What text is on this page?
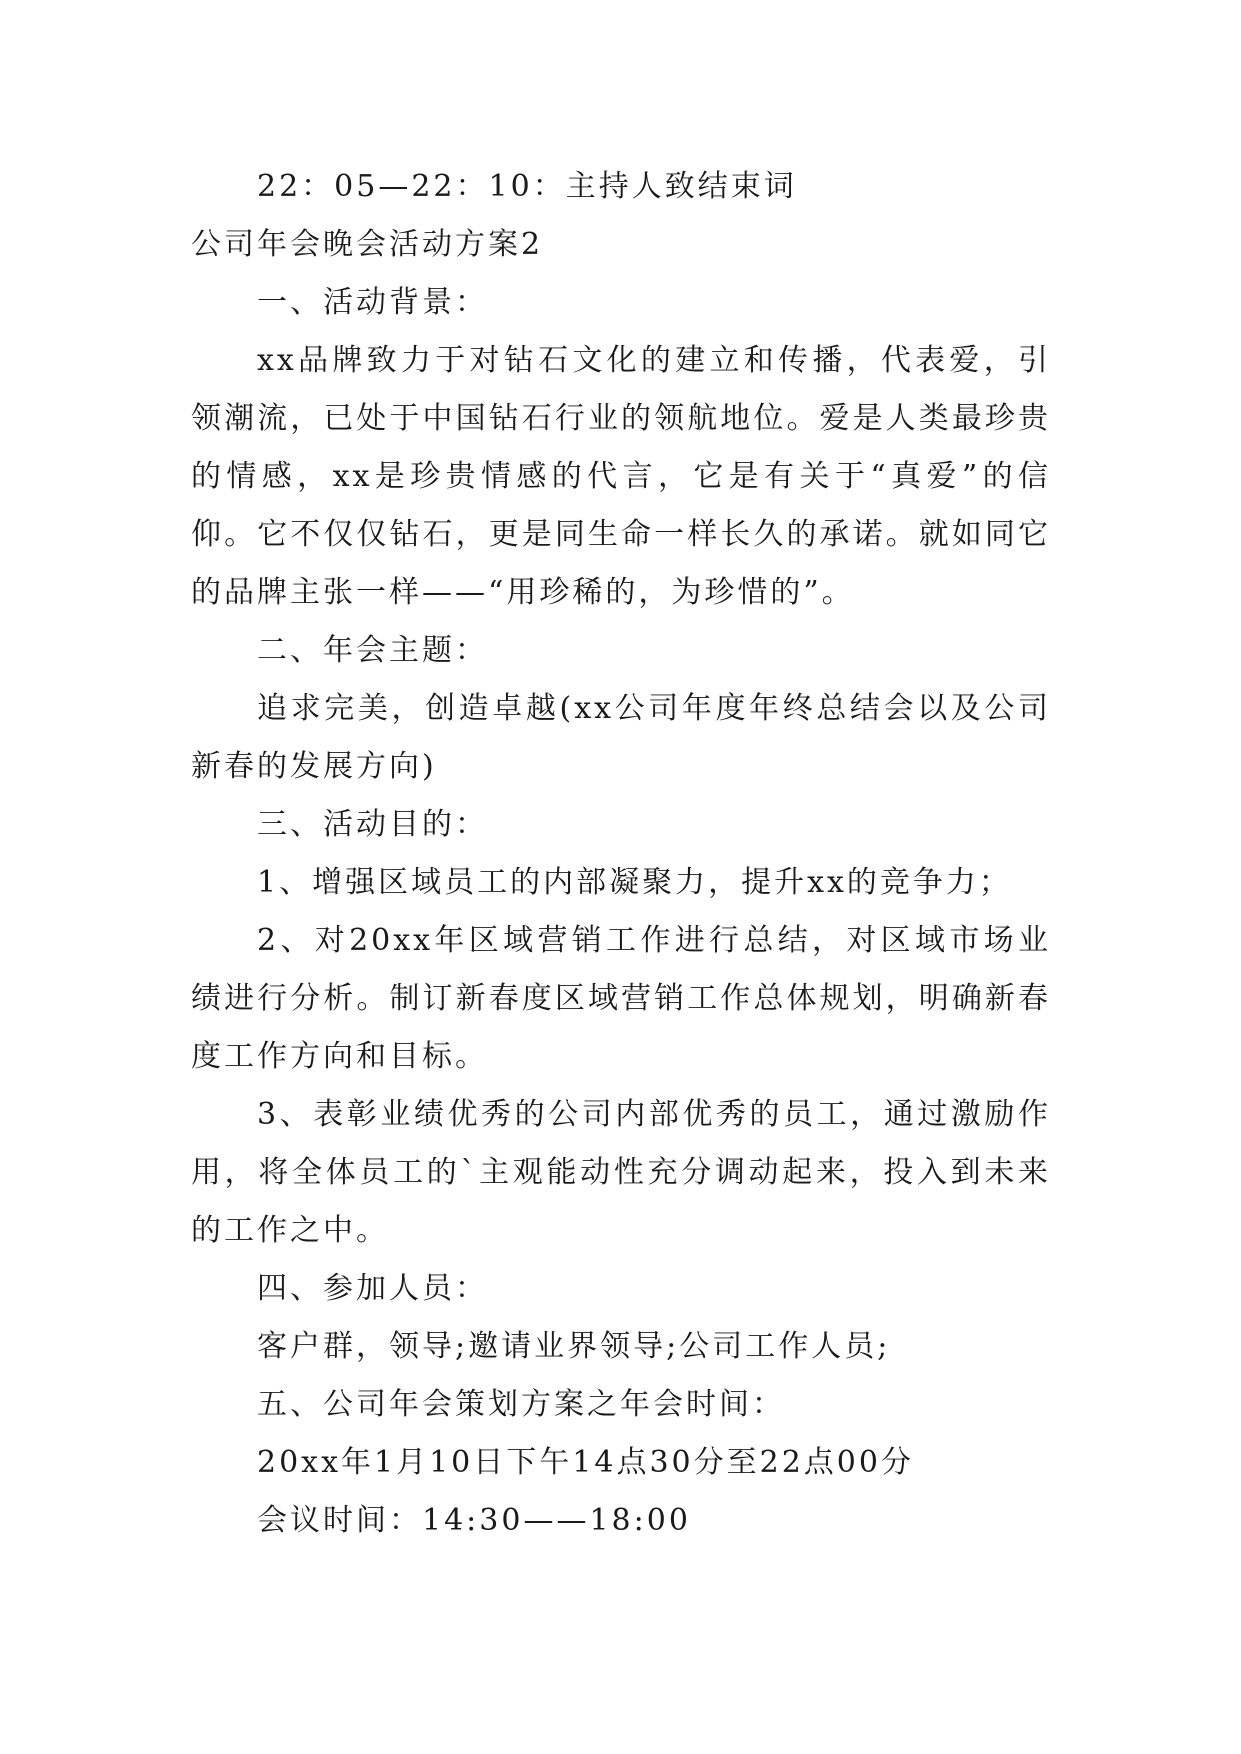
22：05—22：10：主持人致结束词

公司年会晚会活动方案2

一、活动背景：

xx品牌致力于对钻石文化的建立和传播，代表爱，引领潮流，已处于中国钻石行业的领航地位。爱是人类最珍贵的情感，xx是珍贵情感的代言，它是有关于“真爱”的信仰。它不仅仅钻石，更是同生命一样长久的承诺。就如同它的品牌主张一样——“用珍稀的，为珍惜的”。

二、年会主题：

追求完美，创造卓越(xx公司年度年终总结会以及公司新春的发展方向)

三、活动目的：

1、增强区域员工的内部凝聚力，提升xx的竞争力；

2、对20xx年区域营销工作进行总结，对区域市场业绩进行分析。制订新春度区域营销工作总体规划，明确新春度工作方向和目标。

3、表彰业绩优秀的公司内部优秀的员工，通过激励作用，将全体员工的`主观能动性充分调动起来，投入到未来的工作之中。

四、参加人员：

客户群，领导;邀请业界领导;公司工作人员;

五、公司年会策划方案之年会时间：

20xx年1月10日下午14点30分至22点00分

会议时间：14:30——18:00
